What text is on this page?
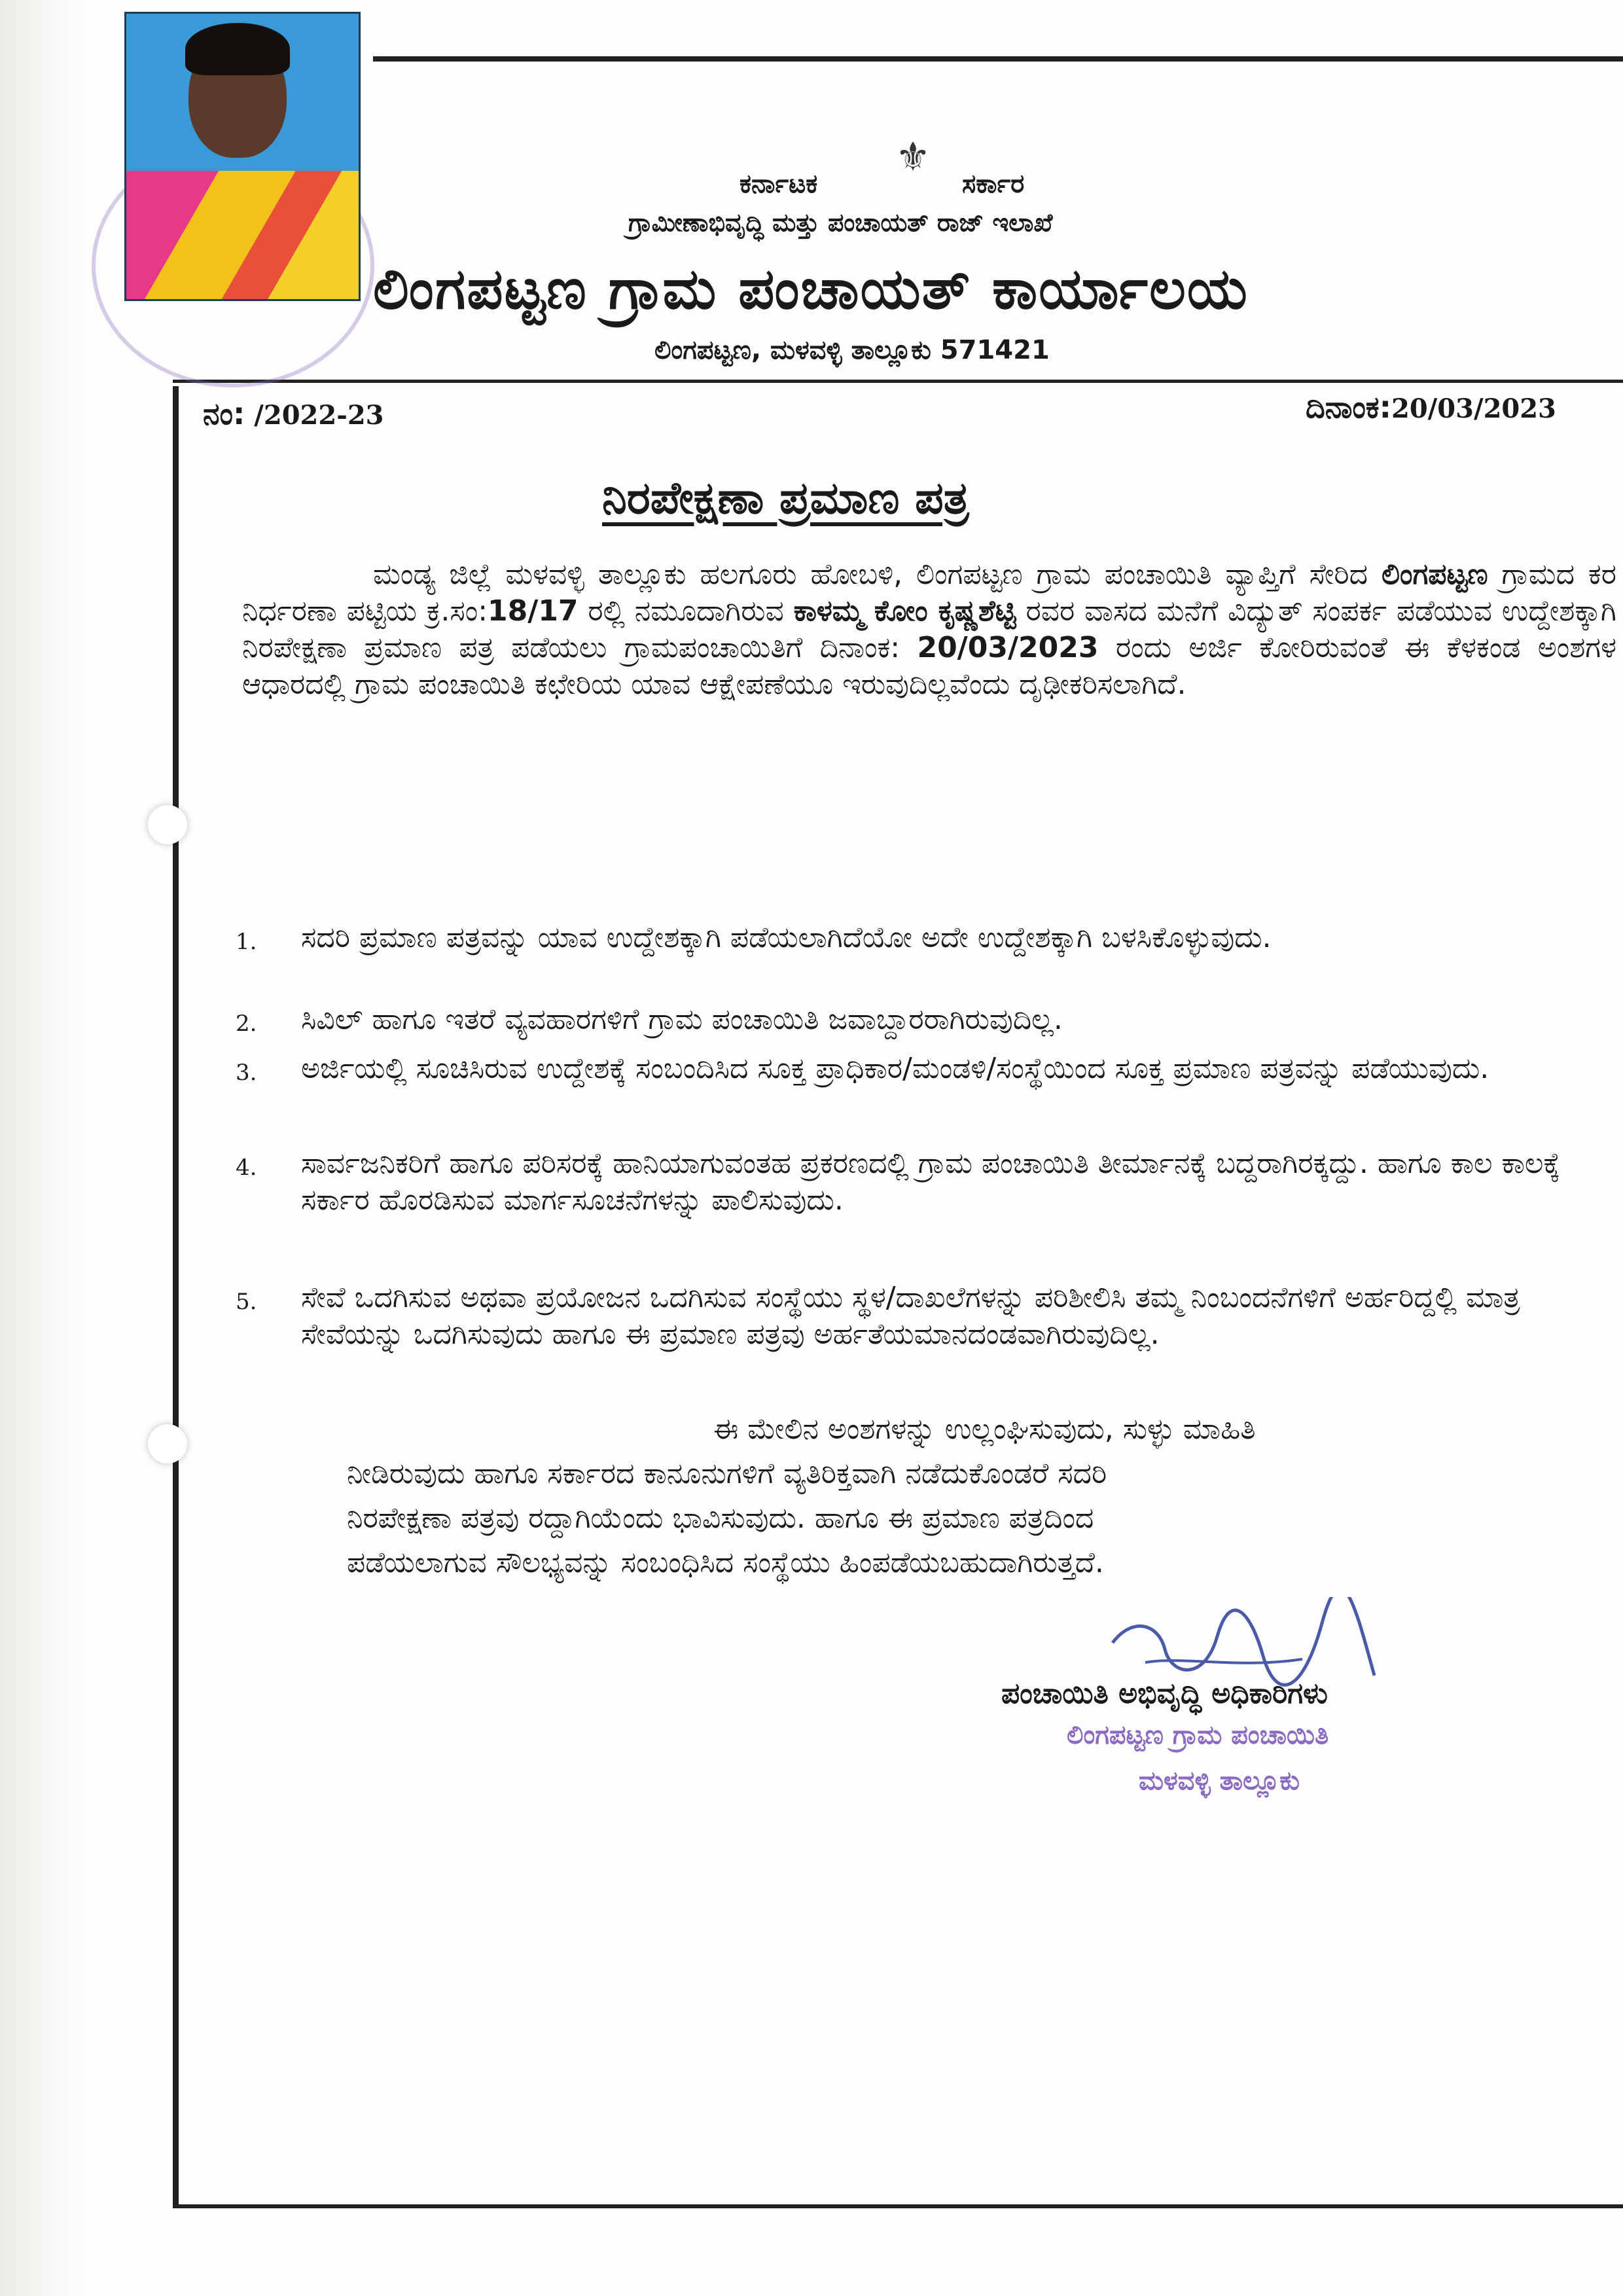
⚜
ಕರ್ನಾಟಕ	ಸರ್ಕಾರ
ಗ್ರಾಮೀಣಾಭಿವೃದ್ಧಿ ಮತ್ತು ಪಂಚಾಯತ್ ರಾಜ್ ಇಲಾಖೆ
ಲಿಂಗಪಟ್ಟಣ ಗ್ರಾಮ ಪಂಚಾಯತ್ ಕಾರ್ಯಾಲಯ
ಲಿಂಗಪಟ್ಟಣ, ಮಳವಳ್ಳಿ ತಾಲ್ಲೂಕು 571421
ನಂ: /2022-23	ದಿನಾಂಕ:20/03/2023
ನಿರಪೇಕ್ಷಣಾ ಪ್ರಮಾಣ ಪತ್ರ
ಮಂಡ್ಯ ಜಿಲ್ಲೆ ಮಳವಳ್ಳಿ ತಾಲ್ಲೂಕು ಹಲಗೂರು ಹೋಬಳಿ, ಲಿಂಗಪಟ್ಟಣ ಗ್ರಾಮ ಪಂಚಾಯಿತಿ ವ್ಯಾಪ್ತಿಗೆ ಸೇರಿದ ಲಿಂಗಪಟ್ಟಣ ಗ್ರಾಮದ ಕರ ನಿರ್ಧರಣಾ ಪಟ್ಟಿಯ ಕ್ರ.ಸಂ:18/17 ರಲ್ಲಿ ನಮೂದಾಗಿರುವ ಕಾಳಮ್ಮ ಕೋಂ ಕೃಷ್ಣಶೆಟ್ಟಿ ರವರ ವಾಸದ ಮನೆಗೆ ವಿದ್ಯುತ್ ಸಂಪರ್ಕ ಪಡೆಯುವ ಉದ್ದೇಶಕ್ಕಾಗಿ ನಿರಪೇಕ್ಷಣಾ ಪ್ರಮಾಣ ಪತ್ರ ಪಡೆಯಲು ಗ್ರಾಮಪಂಚಾಯಿತಿಗೆ ದಿನಾಂಕ: 20/03/2023 ರಂದು ಅರ್ಜಿ ಕೋರಿರುವಂತೆ ಈ ಕೆಳಕಂಡ ಅಂಶಗಳ ಆಧಾರದಲ್ಲಿ ಗ್ರಾಮ ಪಂಚಾಯಿತಿ ಕಛೇರಿಯ ಯಾವ ಆಕ್ಷೇಪಣೆಯೂ ಇರುವುದಿಲ್ಲವೆಂದು ದೃಢೀಕರಿಸಲಾಗಿದೆ.
1. ಸದರಿ ಪ್ರಮಾಣ ಪತ್ರವನ್ನು ಯಾವ ಉದ್ದೇಶಕ್ಕಾಗಿ ಪಡೆಯಲಾಗಿದೆಯೋ ಅದೇ ಉದ್ದೇಶಕ್ಕಾಗಿ ಬಳಸಿಕೊಳ್ಳುವುದು.
2. ಸಿವಿಲ್ ಹಾಗೂ ಇತರೆ ವ್ಯವಹಾರಗಳಿಗೆ ಗ್ರಾಮ ಪಂಚಾಯಿತಿ ಜವಾಬ್ದಾರರಾಗಿರುವುದಿಲ್ಲ.
3. ಅರ್ಜಿಯಲ್ಲಿ ಸೂಚಿಸಿರುವ ಉದ್ದೇಶಕ್ಕೆ ಸಂಬಂದಿಸಿದ ಸೂಕ್ತ ಪ್ರಾಧಿಕಾರ/ಮಂಡಳಿ/ಸಂಸ್ಥೆಯಿಂದ ಸೂಕ್ತ ಪ್ರಮಾಣ ಪತ್ರವನ್ನು ಪಡೆಯುವುದು.
4. ಸಾರ್ವಜನಿಕರಿಗೆ ಹಾಗೂ ಪರಿಸರಕ್ಕೆ ಹಾನಿಯಾಗುವಂತಹ ಪ್ರಕರಣದಲ್ಲಿ ಗ್ರಾಮ ಪಂಚಾಯಿತಿ ತೀರ್ಮಾನಕ್ಕೆ ಬದ್ದರಾಗಿರಕ್ಕದ್ದು. ಹಾಗೂ ಕಾಲ ಕಾಲಕ್ಕೆ ಸರ್ಕಾರ ಹೊರಡಿಸುವ ಮಾರ್ಗಸೂಚನೆಗಳನ್ನು ಪಾಲಿಸುವುದು.
5. ಸೇವೆ ಒದಗಿಸುವ ಅಥವಾ ಪ್ರಯೋಜನ ಒದಗಿಸುವ ಸಂಸ್ಥೆಯು ಸ್ಥಳ/ದಾಖಲೆಗಳನ್ನು ಪರಿಶೀಲಿಸಿ ತಮ್ಮ ನಿಂಬಂದನೆಗಳಿಗೆ ಅರ್ಹರಿದ್ದಲ್ಲಿ ಮಾತ್ರ ಸೇವೆಯನ್ನು ಒದಗಿಸುವುದು ಹಾಗೂ ಈ ಪ್ರಮಾಣ ಪತ್ರವು ಅರ್ಹತೆಯಮಾನದಂಡವಾಗಿರುವುದಿಲ್ಲ.

ಈ ಮೇಲಿನ ಅಂಶಗಳನ್ನು ಉಲ್ಲಂಘಿಸುವುದು, ಸುಳ್ಳು ಮಾಹಿತಿ

ನೀಡಿರುವುದು ಹಾಗೂ ಸರ್ಕಾರದ ಕಾನೂನುಗಳಿಗೆ ವ್ಯತಿರಿಕ್ತವಾಗಿ ನಡೆದುಕೊಂಡರೆ ಸದರಿ

ನಿರಪೇಕ್ಷಣಾ ಪತ್ರವು ರದ್ದಾಗಿಯೆಂದು ಭಾವಿಸುವುದು. ಹಾಗೂ ಈ ಪ್ರಮಾಣ ಪತ್ರದಿಂದ

ಪಡೆಯಲಾಗುವ ಸೌಲಭ್ಯವನ್ನು ಸಂಬಂಧಿಸಿದ ಸಂಸ್ಥೆಯು ಹಿಂಪಡೆಯಬಹುದಾಗಿರುತ್ತದೆ.

ಪಂಚಾಯಿತಿ ಅಭಿವೃದ್ಧಿ ಅಧಿಕಾರಿಗಳು
ಲಿಂಗಪಟ್ಟಣ ಗ್ರಾಮ ಪಂಚಾಯಿತಿ
ಮಳವಳ್ಳಿ ತಾಲ್ಲೂಕು
